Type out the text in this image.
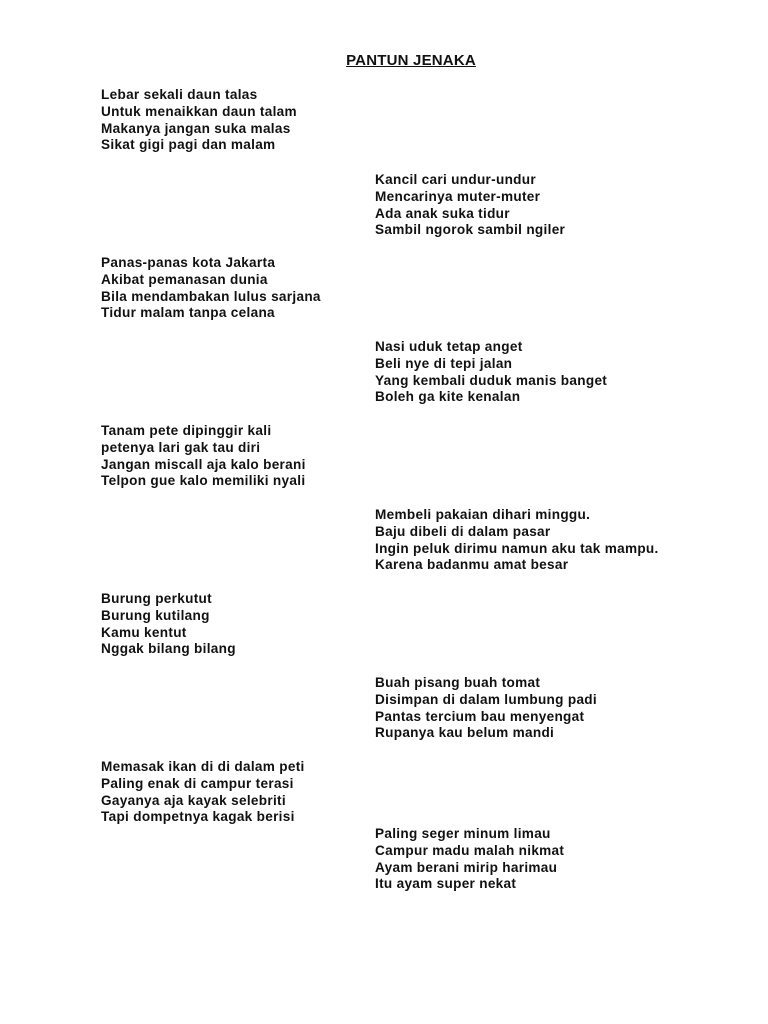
PANTUN JENAKA
Lebar sekali daun talas
Untuk menaikkan daun talam
Makanya jangan suka malas
Sikat gigi pagi dan malam
Kancil cari undur-undur
Mencarinya muter-muter
Ada anak suka tidur
Sambil ngorok sambil ngiler
Panas-panas kota Jakarta
Akibat pemanasan dunia
Bila mendambakan lulus sarjana
Tidur malam tanpa celana
Nasi uduk tetap anget
Beli nye di tepi jalan
Yang kembali duduk manis banget
Boleh ga kite kenalan
Tanam pete dipinggir kali
petenya lari gak tau diri
Jangan miscall aja kalo berani
Telpon gue kalo memiliki nyali
Membeli pakaian dihari minggu.
Baju dibeli di dalam pasar
Ingin peluk dirimu namun aku tak mampu.
Karena badanmu amat besar
Burung perkutut
Burung kutilang
Kamu kentut
Nggak bilang bilang
Buah pisang buah tomat
Disimpan di dalam lumbung padi
Pantas tercium bau menyengat
Rupanya kau belum mandi
Memasak ikan di di dalam peti
Paling enak di campur terasi
Gayanya aja kayak selebriti
Tapi dompetnya kagak berisi
Paling seger minum limau
Campur madu malah nikmat
Ayam berani mirip harimau
Itu ayam super nekat
